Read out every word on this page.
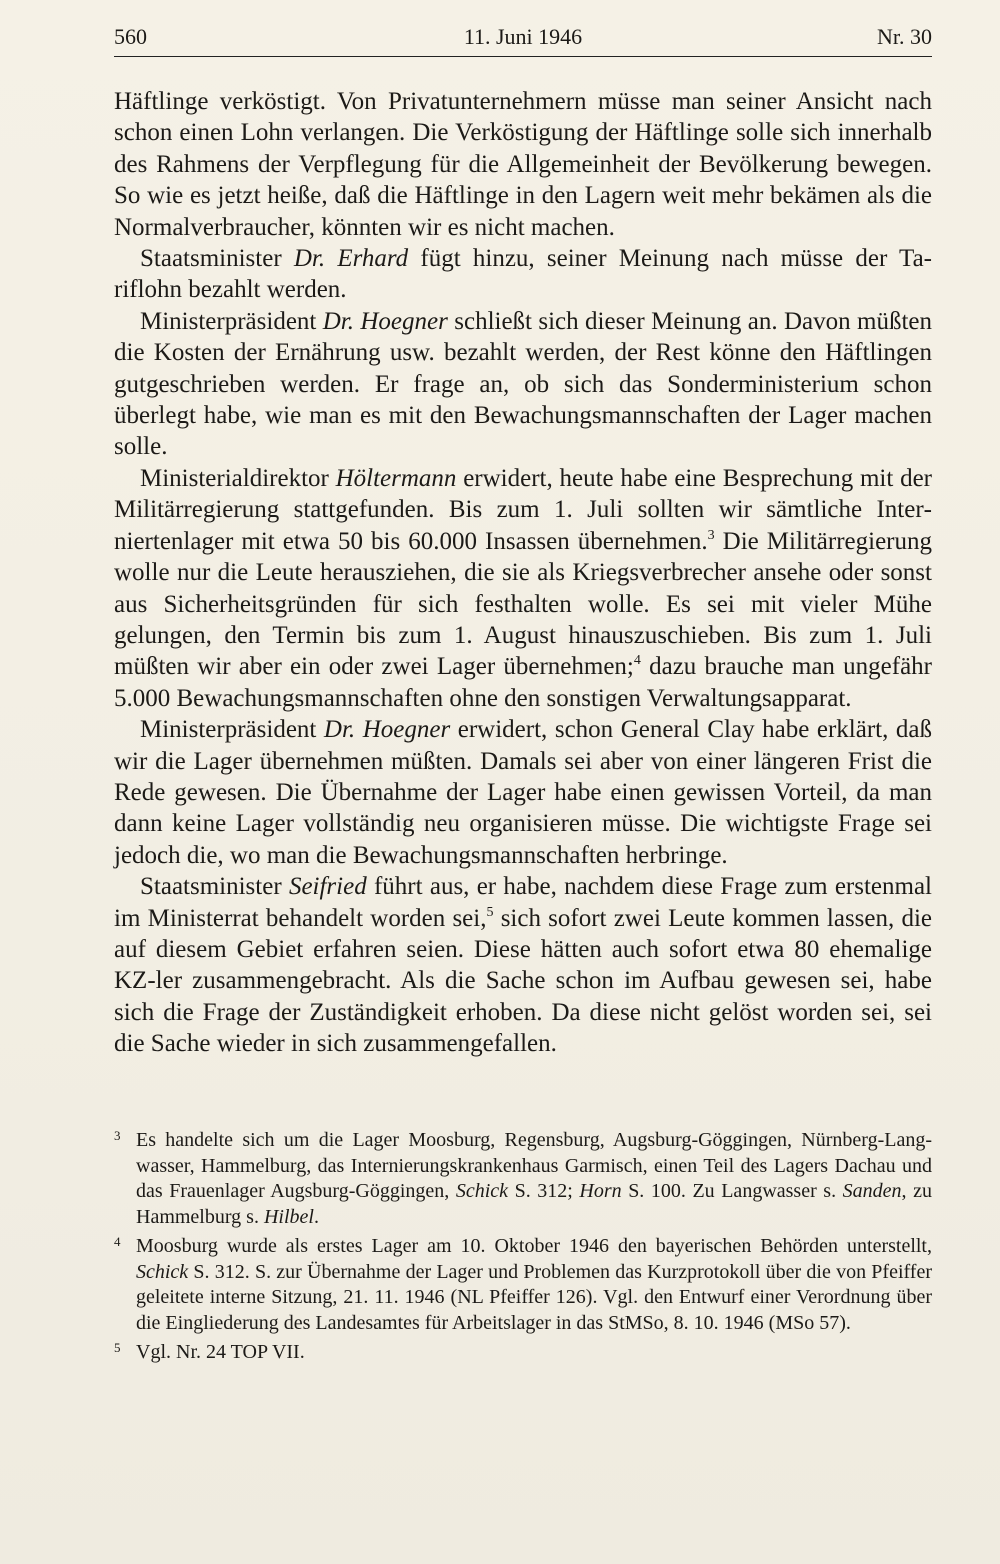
560	11. Juni 1946	Nr. 30

Häftlinge verköstigt. Von Privatunternehmern müsse man seiner Ansicht nach schon einen Lohn verlangen. Die Verköstigung der Häftlinge solle sich innerhalb des Rahmens der Verpflegung für die Allgemeinheit der Bevölkerung bewegen. So wie es jetzt heiße, daß die Häftlinge in den Lagern weit mehr bekämen als die Normalverbraucher, könnten wir es nicht machen.

Staatsminister Dr. Erhard fügt hinzu, seiner Meinung nach müsse der Tariflohn bezahlt werden.

Ministerpräsident Dr. Hoegner schließt sich dieser Meinung an. Davon müßten die Kosten der Ernährung usw. bezahlt werden, der Rest könne den Häftlingen gutgeschrieben werden. Er frage an, ob sich das Sonderministerium schon überlegt habe, wie man es mit den Bewachungsmannschaften der Lager machen solle.

Ministerialdirektor Höltermann erwidert, heute habe eine Besprechung mit der Militärregierung stattgefunden. Bis zum 1. Juli sollten wir sämtliche Interniertenlager mit etwa 50 bis 60.000 Insassen übernehmen.$^3$ Die Militärregierung wolle nur die Leute herausziehen, die sie als Kriegsverbrecher ansehe oder sonst aus Sicherheitsgründen für sich festhalten wolle. Es sei mit vieler Mühe gelungen, den Termin bis zum 1. August hinauszuschieben. Bis zum 1. Juli müßten wir aber ein oder zwei Lager übernehmen;$^4$ dazu brauche man ungefähr 5.000 Bewachungsmannschaften ohne den sonstigen Verwaltungsapparat.

Ministerpräsident Dr. Hoegner erwidert, schon General Clay habe erklärt, daß wir die Lager übernehmen müßten. Damals sei aber von einer längeren Frist die Rede gewesen. Die Übernahme der Lager habe einen gewissen Vorteil, da man dann keine Lager vollständig neu organisieren müsse. Die wichtigste Frage sei jedoch die, wo man die Bewachungsmannschaften herbringe.

Staatsminister Seifried führt aus, er habe, nachdem diese Frage zum erstenmal im Ministerrat behandelt worden sei,$^5$ sich sofort zwei Leute kommen lassen, die auf diesem Gebiet erfahren seien. Diese hätten auch sofort etwa 80 ehemalige KZ-ler zusammengebracht. Als die Sache schon im Aufbau gewesen sei, habe sich die Frage der Zuständigkeit erhoben. Da diese nicht gelöst worden sei, sei die Sache wieder in sich zusammengefallen.

3 Es handelte sich um die Lager Moosburg, Regensburg, Augsburg-Göggingen, Nürnberg-Langwasser, Hammelburg, das Internierungskrankenhaus Garmisch, einen Teil des Lagers Dachau und das Frauenlager Augsburg-Göggingen, Schick S. 312; Horn S. 100. Zu Langwasser s. Sanden, zu Hammelburg s. Hilbel.
4 Moosburg wurde als erstes Lager am 10. Oktober 1946 den bayerischen Behörden unterstellt, Schick S. 312. S. zur Übernahme der Lager und Problemen das Kurzprotokoll über die von Pfeiffer geleitete interne Sitzung, 21. 11. 1946 (NL Pfeiffer 126). Vgl. den Entwurf einer Verordnung über die Eingliederung des Landesamtes für Arbeitslager in das StMSo, 8. 10. 1946 (MSo 57).
5 Vgl. Nr. 24 TOP VII.
